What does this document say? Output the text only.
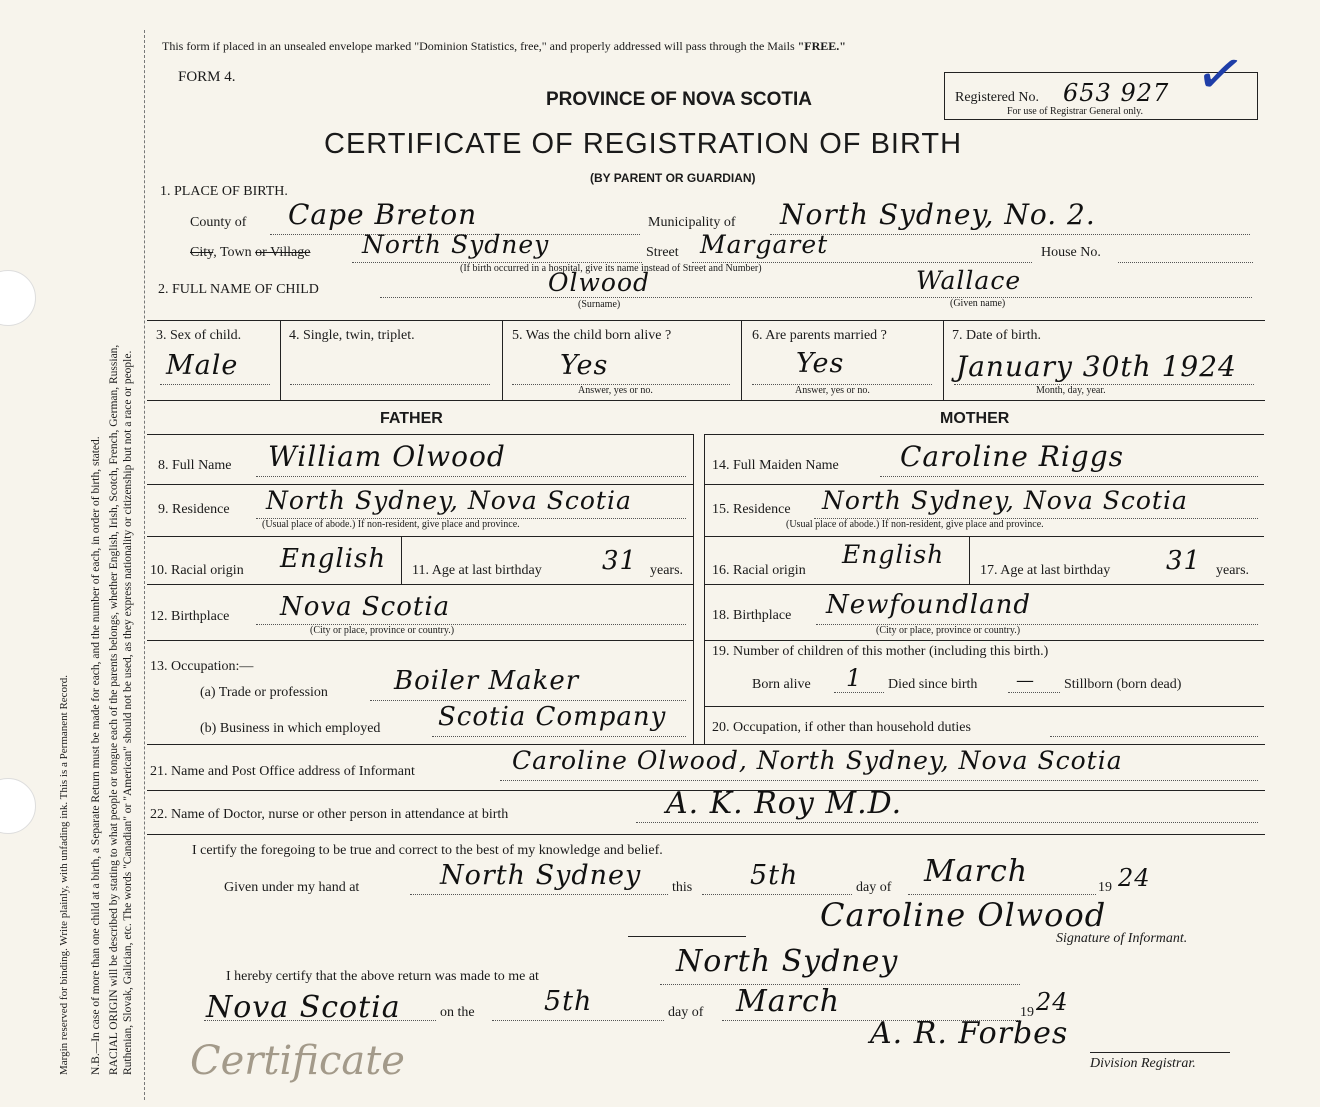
Margin reserved for binding. Write plainly, with unfading ink. This is a Permanent Record. N.B.—In case of more than one child at a birth, a Separate Return must be made for each, and the number of each, in order of birth, stated. RACIAL ORIGIN will be described by stating to what people or tongue each of the parents belongs, whether English, Irish, Scotch, French, German, Russian, Ruthenian, Slovak, Galician, etc. The words "Canadian" or "American" should not be used, as they express nationality or citizenship but not a race or people.
This form if placed in an unsealed envelope marked "Dominion Statistics, free," and properly addressed will pass through the Mails "FREE."
FORM 4.
PROVINCE OF NOVA SCOTIA
CERTIFICATE OF REGISTRATION OF BIRTH
(BY PARENT OR GUARDIAN)
Registered No. 653 927
For use of Registrar General only.
✓
1. PLACE OF BIRTH.
County of Cape Breton	Municipality of North Sydney, No. 2.
City, Town or Village North Sydney	Street Margaret	House No.
(If birth occurred in a hospital, give its name instead of Street and Number)
2. FULL NAME OF CHILD	Olwood	Wallace
(Surname)	(Given name)
3. Sex of child.
Male
4. Single, twin, triplet.	5. Was the child born alive ?
Yes
Answer, yes or no.
6. Are parents married ?
Yes
Answer, yes or no.
7. Date of birth.
January 30th 1924
Month, day, year.
FATHER	MOTHER
8. Full Name William Olwood
9. Residence North Sydney, Nova Scotia
(Usual place of abode.) If non-resident, give place and province.
10. Racial origin English 11. Age at last birthday 31 years.
12. Birthplace Nova Scotia
(City or place, province or country.)
13. Occupation:—
(a) Trade or profession	Boiler Maker
(b) Business in which employed Scotia Company
14. Full Maiden Name Caroline Riggs
15. Residence North Sydney, Nova Scotia
(Usual place of abode.) If non-resident, give place and province.
16. Racial origin
English
17. Age at last birthday 31 years.
18. Birthplace Newfoundland
(City or place, province or country.)
19. Number of children of this mother (including this birth.)
Born alive 1 Died since birth — Stillborn (born dead)
20. Occupation, if other than household duties
21. Name and Post Office address of Informant	Caroline Olwood, North Sydney, Nova Scotia
22. Name of Doctor, nurse or other person in attendance at birth	A. K. Roy M.D.
I certify the foregoing to be true and correct to the best of my knowledge and belief.
Given under my hand at	North Sydney this 5th	day of March	19 24
Caroline Olwood
Signature of Informant.
I hereby certify that the above return was made to me at	North Sydney
Nova Scotia	on the	5th	day of March	19 24
A. R. Forbes
Division Registrar.
Certificate
